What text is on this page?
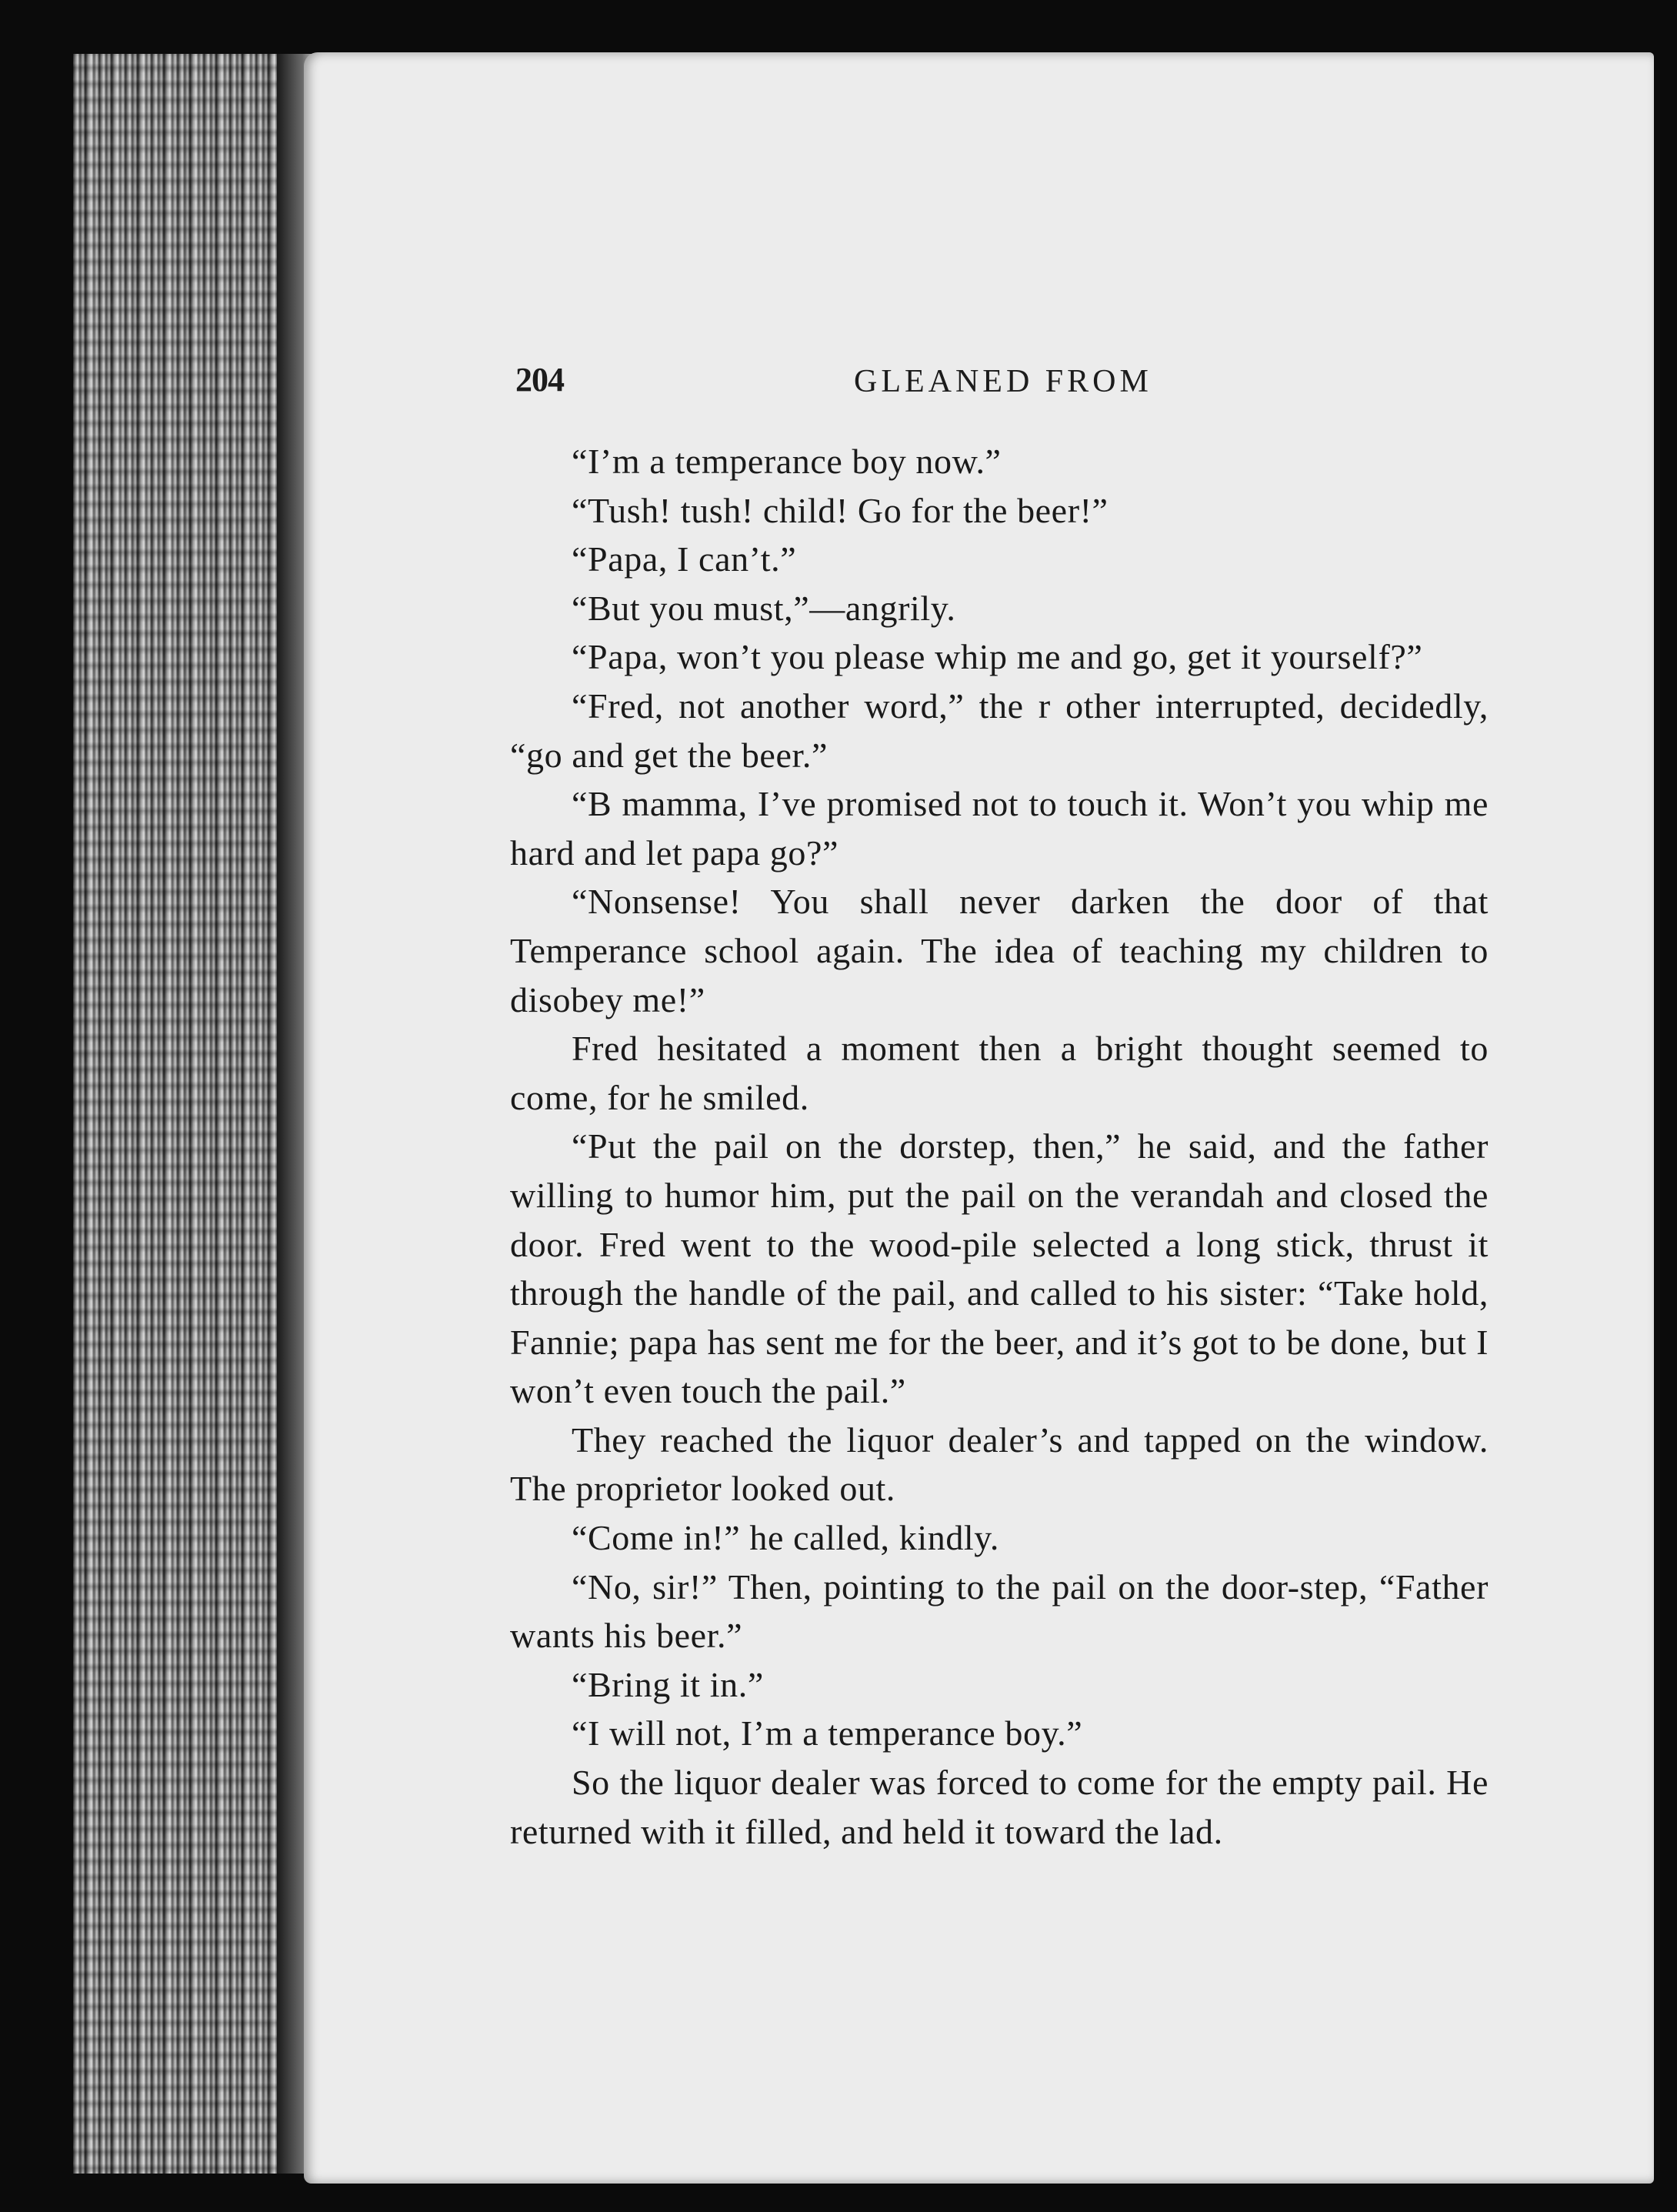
204	GLEANED FROM

“I’m a temperance boy now.”

“Tush! tush! child! Go for the beer!”

“Papa, I can’t.”

“But you must,”—angrily.

“Papa, won’t you please whip me and go, get it yourself?”

“Fred, not another word,” the r other interrupted, decidedly, “go and get the beer.”

“B mamma, I’ve promised not to touch it. Won’t you whip me hard and let papa go?”

“Nonsense! You shall never darken the door of that Temperance school again. The idea of teaching my children to disobey me!”

Fred hesitated a moment then a bright thought seemed to come, for he smiled.

“Put the pail on the dorstep, then,” he said, and the father willing to humor him, put the pail on the verandah and closed the door. Fred went to the wood-pile selected a long stick, thrust it through the handle of the pail, and called to his sister: “Take hold, Fannie; papa has sent me for the beer, and it’s got to be done, but I won’t even touch the pail.”

They reached the liquor dealer’s and tapped on the window. The proprietor looked out.

“Come in!” he called, kindly.

“No, sir!” Then, pointing to the pail on the door-step, “Father wants his beer.”

“Bring it in.”

“I will not, I’m a temperance boy.”

So the liquor dealer was forced to come for the empty pail. He returned with it filled, and held it toward the lad.
